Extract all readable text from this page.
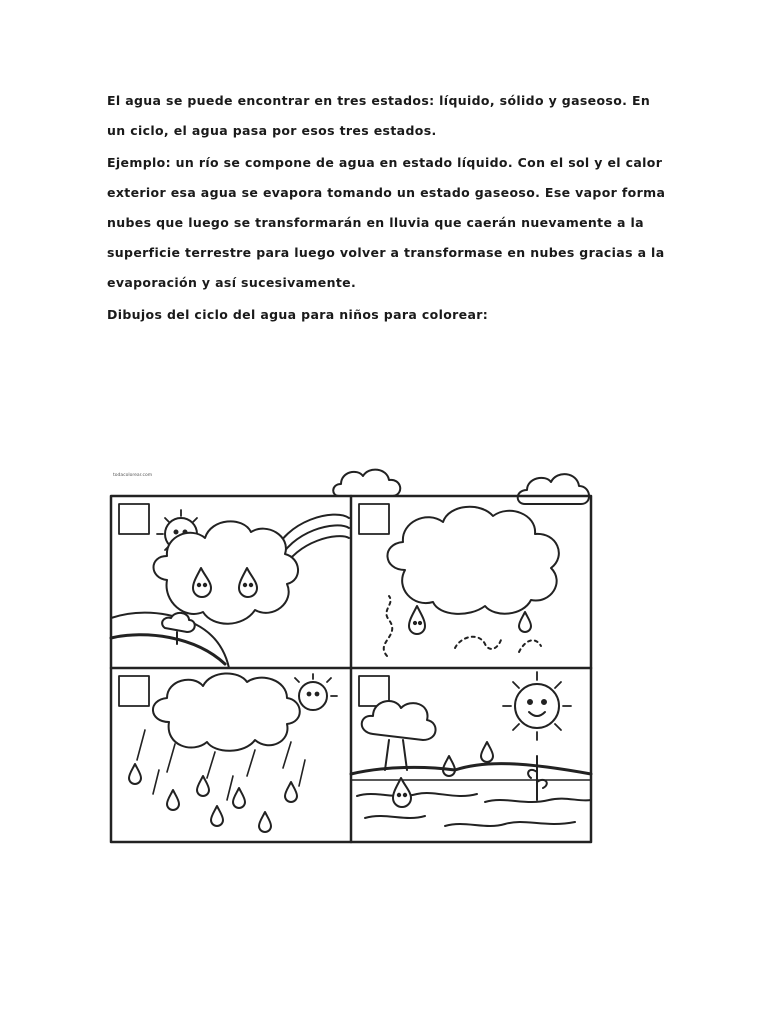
El agua se puede encontrar en tres estados: líquido, sólido y gaseoso. En un ciclo, el agua pasa por esos tres estados.

Ejemplo: un río se compone de agua en estado líquido. Con el sol y el calor exterior esa agua se evapora tomando un estado gaseoso. Ese vapor forma nubes que luego se transformarán en lluvia que caerán nuevamente a la superficie terrestre para luego volver a transformase en nubes gracias a la evaporación y así sucesivamente.

Dibujos del ciclo del agua para niños para colorear:

todacolorear.com
